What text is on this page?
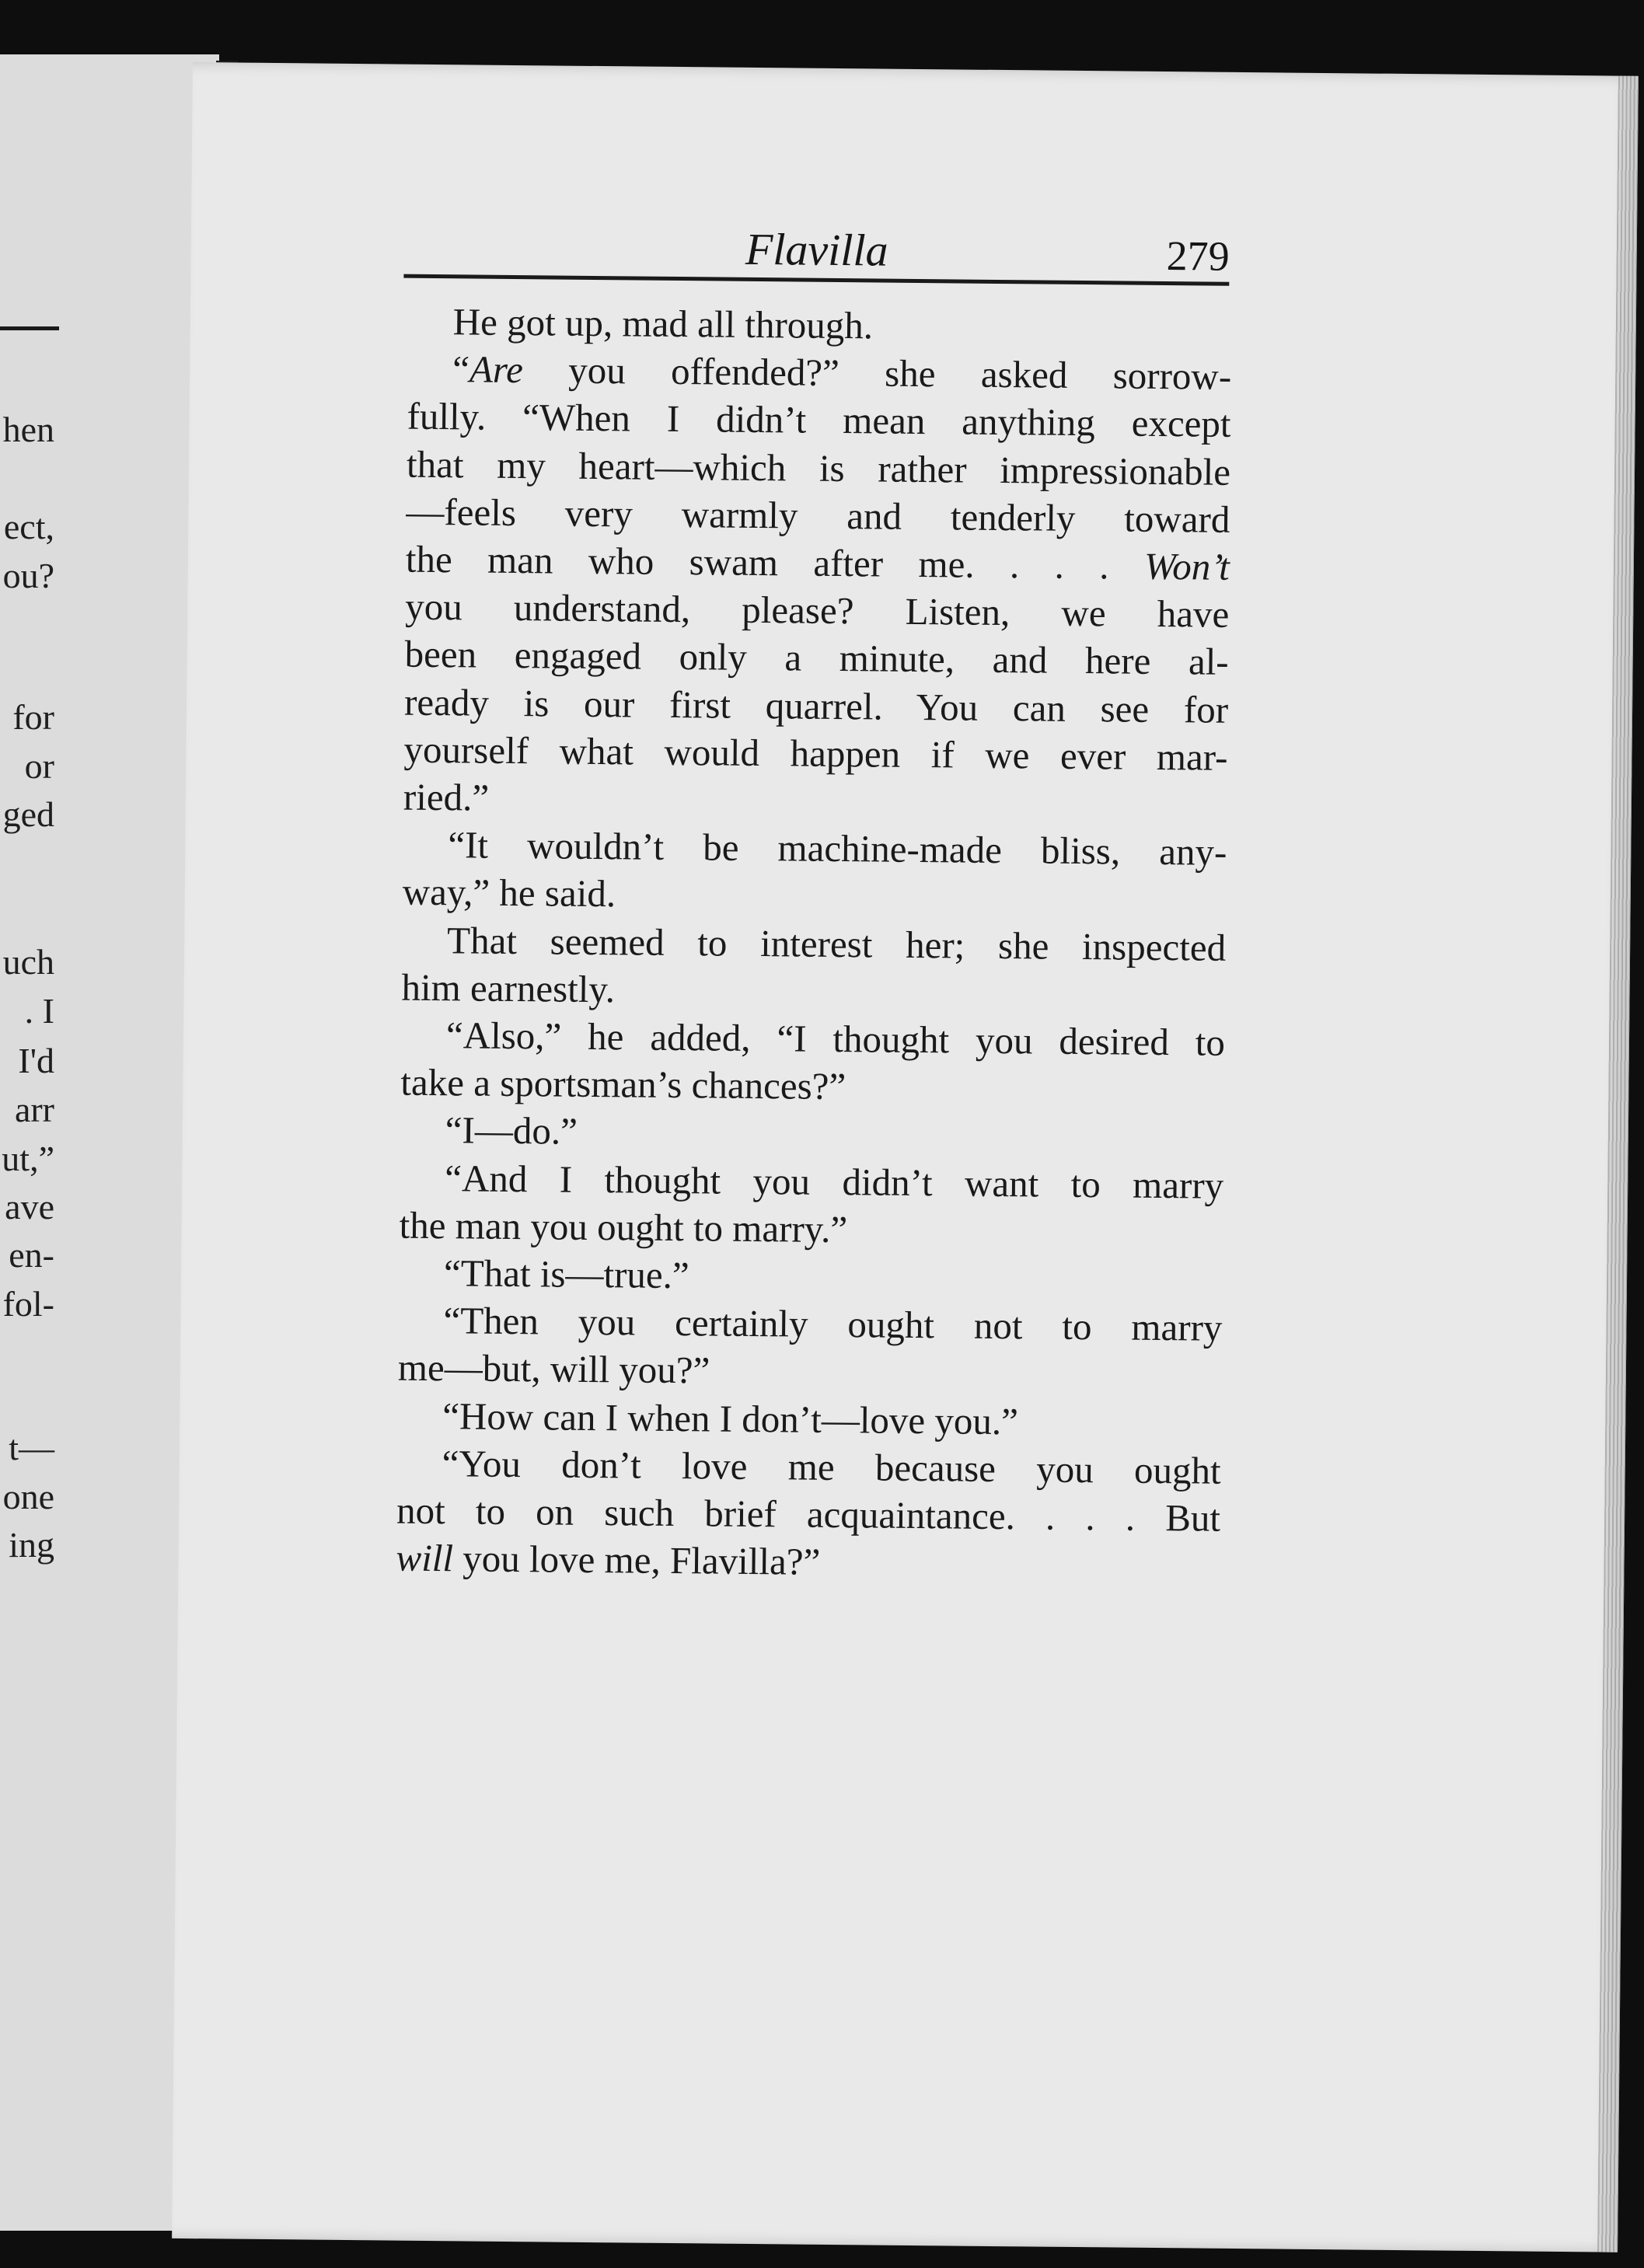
hen
ect,
ou?
for
or
ged
uch
. I
I'd
arr
ut,”
ave
en-
fol-
t—
one
ing
Flavilla	279
He got up, mad all through.
“Are you offended?” she asked sorrow-
fully. “When I didn’t mean anything except
that my heart—which is rather impressionable
—feels very warmly and tenderly toward
the man who swam after me. . . . Won’t
you understand, please? Listen, we have
been engaged only a minute, and here al-
ready is our first quarrel. You can see for
yourself what would happen if we ever mar-
ried.”
“It wouldn’t be machine-made bliss, any-
way,” he said.
That seemed to interest her; she inspected
him earnestly.
“Also,” he added, “I thought you desired to
take a sportsman’s chances?”
“I—do.”
“And I thought you didn’t want to marry
the man you ought to marry.”
“That is—true.”
“Then you certainly ought not to marry
me—but, will you?”
“How can I when I don’t—love you.”
“You don’t love me because you ought
not to on such brief acquaintance. . . . But
will you love me, Flavilla?”
